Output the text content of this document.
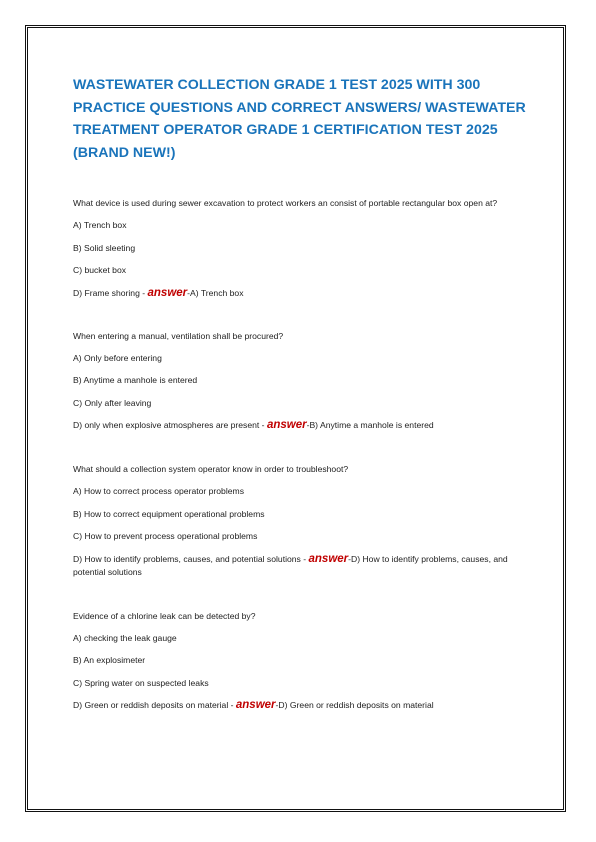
WASTEWATER COLLECTION GRADE 1 TEST 2025 WITH 300 PRACTICE QUESTIONS AND CORRECT ANSWERS/ WASTEWATER TREATMENT OPERATOR GRADE 1 CERTIFICATION TEST 2025 (BRAND NEW!)

What device is used during sewer excavation to protect workers an consist of portable rectangular box open at?

A) Trench box

B) Solid sleeting

C) bucket box

D) Frame shoring - answer-A) Trench box

When entering a manual, ventilation shall be procured?

A) Only before entering

B) Anytime a manhole is entered

C) Only after leaving

D) only when explosive atmospheres are present - answer-B) Anytime a manhole is entered

What should a collection system operator know in order to troubleshoot?

A) How to correct process operator problems

B) How to correct equipment operational problems

C) How to prevent process operational problems

D) How to identify problems, causes, and potential solutions - answer-D) How to identify problems, causes, and potential solutions

Evidence of a chlorine leak can be detected by?

A) checking the leak gauge

B) An explosimeter

C) Spring water on suspected leaks

D) Green or reddish deposits on material - answer-D) Green or reddish deposits on material
